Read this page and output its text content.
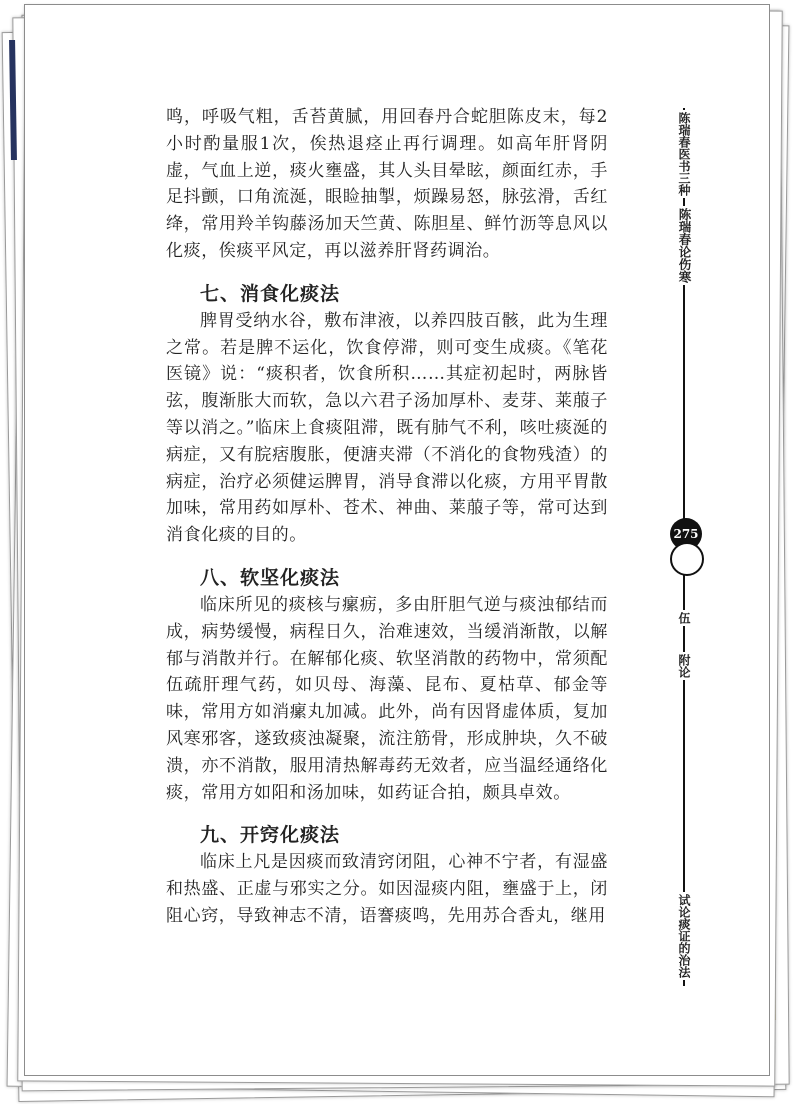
鸣，呼吸气粗，舌苔黄腻，用回春丹合蛇胆陈皮末，每2小时酌量服1次，俟热退痉止再行调理。如高年肝肾阴虚，气血上逆，痰火壅盛，其人头目晕眩，颜面红赤，手足抖颤，口角流涎，眼睑抽掣，烦躁易怒，脉弦滑，舌红绛，常用羚羊钩藤汤加天竺黄、陈胆星、鲜竹沥等息风以化痰，俟痰平风定，再以滋养肝肾药调治。

七、消食化痰法

脾胃受纳水谷，敷布津液，以养四肢百骸，此为生理之常。若是脾不运化，饮食停滞，则可变生成痰。《笔花医镜》说：“痰积者，饮食所积……其症初起时，两脉皆弦，腹渐胀大而软，急以六君子汤加厚朴、麦芽、莱菔子等以消之。”临床上食痰阻滞，既有肺气不利，咳吐痰涎的病症，又有脘痞腹胀，便溏夹滞（不消化的食物残渣）的病症，治疗必须健运脾胃，消导食滞以化痰，方用平胃散加味，常用药如厚朴、苍术、神曲、莱菔子等，常可达到消食化痰的目的。

八、软坚化痰法

临床所见的痰核与瘰疬，多由肝胆气逆与痰浊郁结而成，病势缓慢，病程日久，治难速效，当缓消渐散，以解郁与消散并行。在解郁化痰、软坚消散的药物中，常须配伍疏肝理气药，如贝母、海藻、昆布、夏枯草、郁金等味，常用方如消瘰丸加减。此外，尚有因肾虚体质，复加风寒邪客，遂致痰浊凝聚，流注筋骨，形成肿块，久不破溃，亦不消散，服用清热解毒药无效者，应当温经通络化痰，常用方如阳和汤加味，如药证合拍，颇具卓效。

九、开窍化痰法

临床上凡是因痰而致清窍闭阻，心神不宁者，有湿盛和热盛、正虚与邪实之分。如因湿痰内阻，壅盛于上，闭阻心窍，导致神志不清，语謇痰鸣，先用苏合香丸，继用

陈瑞春医书三种
陈瑞春论伤寒
275
伍
附论
试论痰证的治法
